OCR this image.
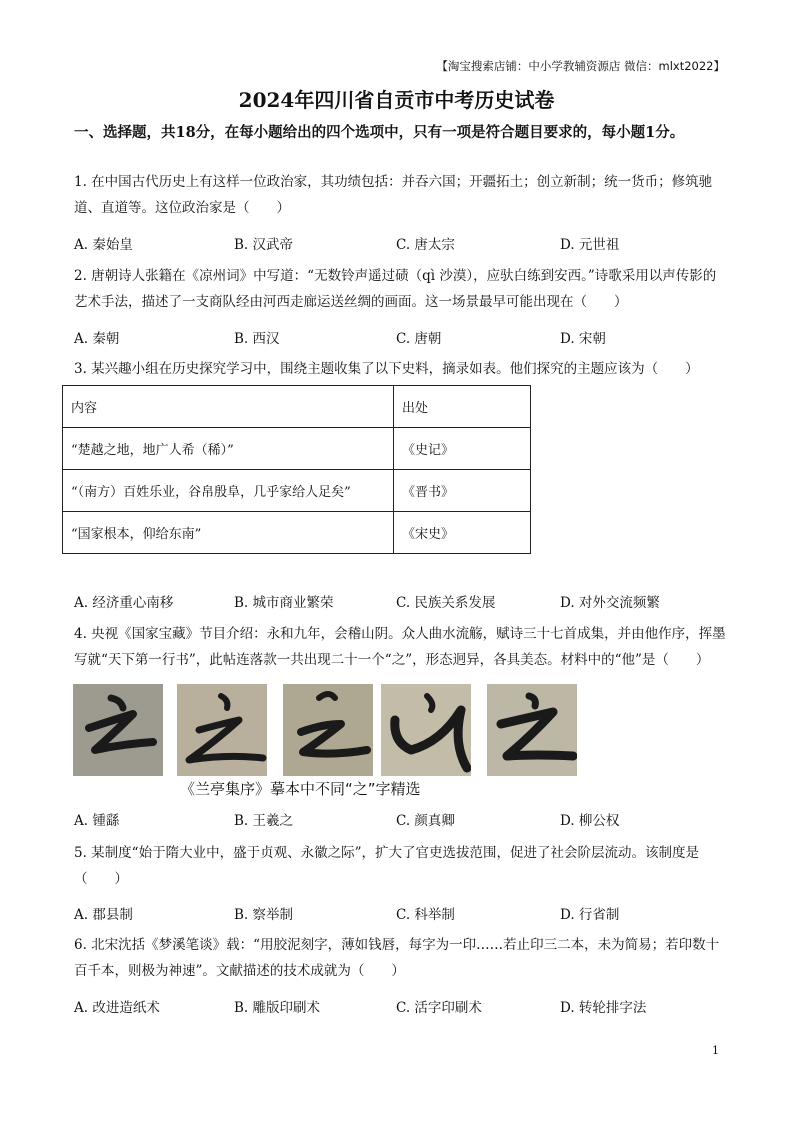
【淘宝搜索店铺：中小学教辅资源店 微信：mlxt2022】
2024年四川省自贡市中考历史试卷
一、选择题，共18分，在每小题给出的四个选项中，只有一项是符合题目要求的，每小题1分。
1. 在中国古代历史上有这样一位政治家，其功绩包括：并吞六国；开疆拓土；创立新制；统一货币；修筑驰道、直道等。这位政治家是（　　）
A. 秦始皇	B. 汉武帝	C. 唐太宗	D. 元世祖
2. 唐朝诗人张籍在《凉州词》中写道：“无数铃声遥过碛（qì 沙漠），应驮白练到安西。”诗歌采用以声传影的艺术手法，描述了一支商队经由河西走廊运送丝绸的画面。这一场景最早可能出现在（　　）
A. 秦朝	B. 西汉	C. 唐朝	D. 宋朝
3. 某兴趣小组在历史探究学习中，围绕主题收集了以下史料，摘录如表。他们探究的主题应该为（　　）
内容	出处
“楚越之地，地广人希（稀）”	《史记》
“（南方）百姓乐业，谷帛殷阜，几乎家给人足矣”	《晋书》
“国家根本，仰给东南”	《宋史》
A. 经济重心南移	B. 城市商业繁荣	C. 民族关系发展	D. 对外交流频繁
4. 央视《国家宝藏》节目介绍：永和九年，会稽山阴。众人曲水流觞，赋诗三十七首成集，并由他作序，挥墨写就“天下第一行书”，此帖连落款一共出现二十一个“之”，形态迥异，各具美态。材料中的“他”是（　　）
《兰亭集序》摹本中不同“之”字精选
A. 锺繇	B. 王羲之	C. 颜真卿	D. 柳公权
5. 某制度“始于隋大业中，盛于贞观、永徽之际”，扩大了官吏选拔范围，促进了社会阶层流动。该制度是（　　）
A. 郡县制	B. 察举制	C. 科举制	D. 行省制
6. 北宋沈括《梦溪笔谈》载：“用胶泥刻字，薄如钱唇，每字为一印……若止印三二本，未为简易；若印数十百千本，则极为神速”。文献描述的技术成就为（　　）
A. 改进造纸术	B. 雕版印刷术	C. 活字印刷术	D. 转轮排字法
1
